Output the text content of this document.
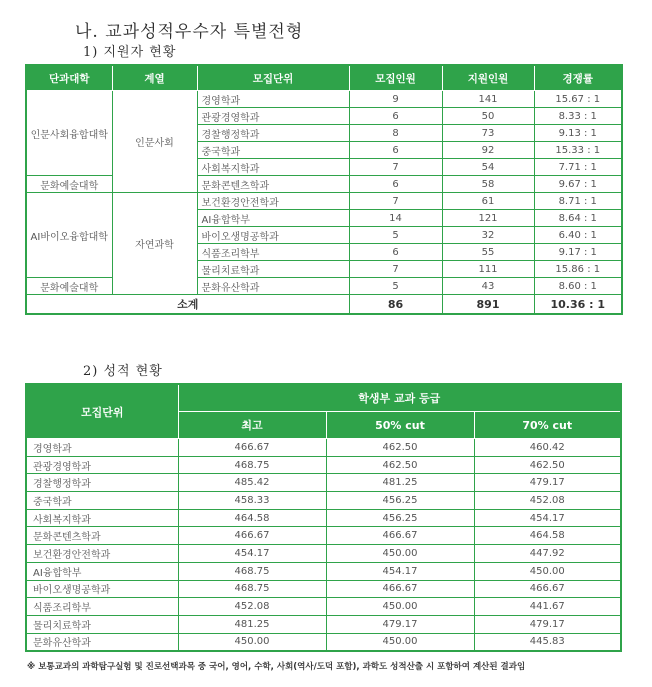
나. 교과성적우수자 특별전형
1) 지원자 현황
단과대학	계열	모집단위	모집인원	지원인원	경쟁률
인문사회융합대학	인문사회	경영학과	9	141	15.67 : 1
		관광경영학과	6	50	8.33 : 1
		경찰행정학과	8	73	9.13 : 1
		중국학과	6	92	15.33 : 1
		사회복지학과	7	54	7.71 : 1
문화예술대학		문화콘텐츠학과	6	58	9.67 : 1
AI바이오융합대학	자연과학	보건환경안전학과	7	61	8.71 : 1
		AI융합학부	14	121	8.64 : 1
		바이오생명공학과	5	32	6.40 : 1
		식품조리학부	6	55	9.17 : 1
		물리치료학과	7	111	15.86 : 1
문화예술대학		문화유산학과	5	43	8.60 : 1
소계			86	891	10.36 : 1
2) 성적 현황
모집단위	학생부 교과 등급		
	최고	50% cut	70% cut
경영학과	466.67	462.50	460.42
관광경영학과	468.75	462.50	462.50
경찰행정학과	485.42	481.25	479.17
중국학과	458.33	456.25	452.08
사회복지학과	464.58	456.25	454.17
문화콘텐츠학과	466.67	466.67	464.58
보건환경안전학과	454.17	450.00	447.92
AI융합학부	468.75	454.17	450.00
바이오생명공학과	468.75	466.67	466.67
식품조리학부	452.08	450.00	441.67
물리치료학과	481.25	479.17	479.17
문화유산학과	450.00	450.00	445.83
※ 보통교과의 과학탐구실험 및 진로선택과목 중 국어, 영어, 수학, 사회(역사/도덕 포함), 과학도 성적산출 시 포함하여 계산된 결과임
